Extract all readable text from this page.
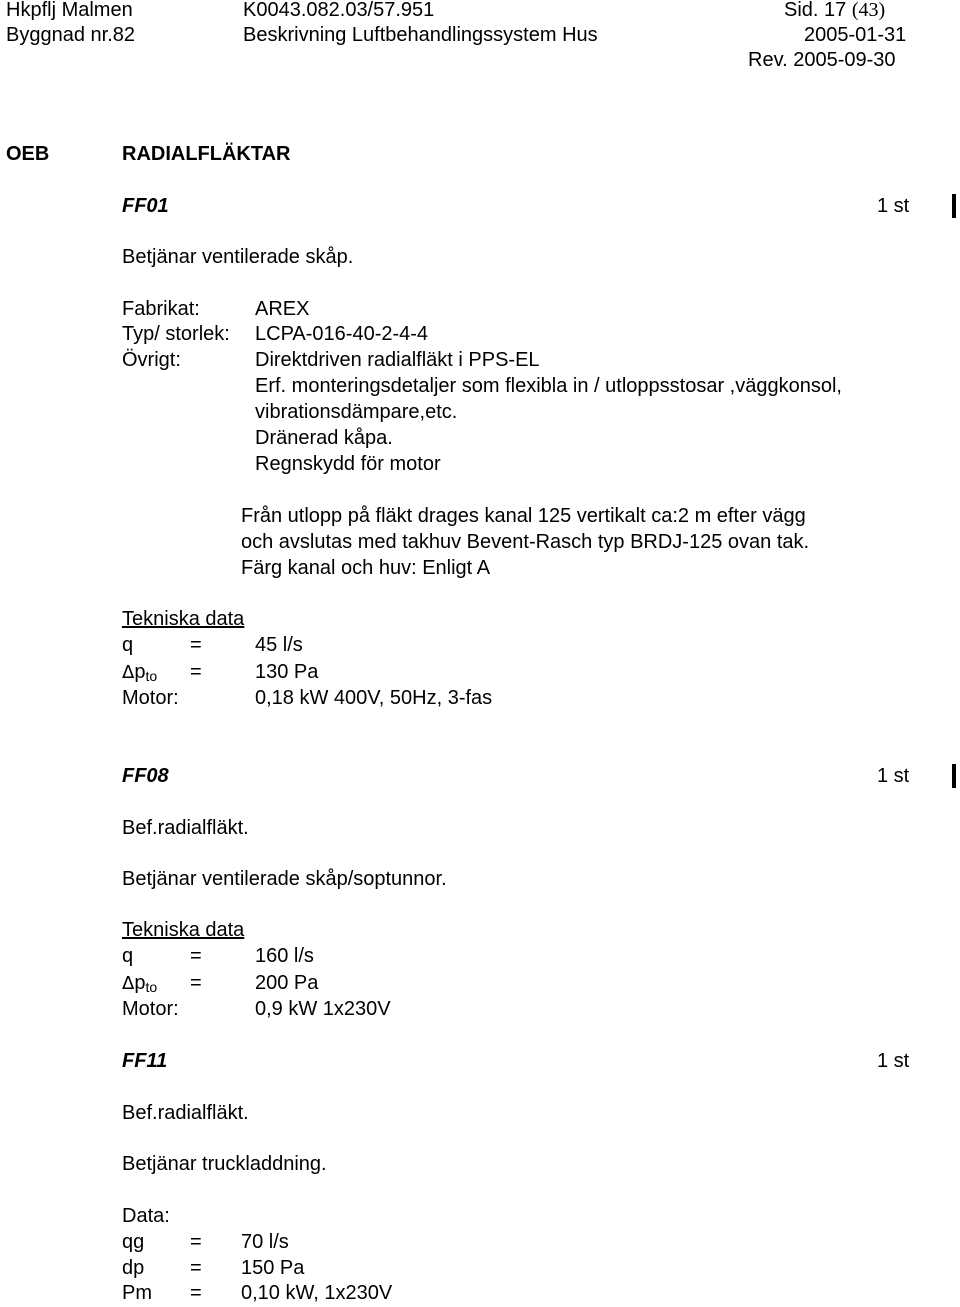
Hkpflj Malmen	K0043.082.03/57.951	Sid. 17 (43)
Byggnad nr.82	Beskrivning Luftbehandlingssystem Hus	2005-01-31
Rev. 2005-09-30
OEB	RADIALFLÄKTAR
FF01	1 st
Betjänar ventilerade skåp.
Fabrikat:	AREX
Typ/ storlek: LCPA-016-40-2-4-4
Övrigt:	Direktdriven radialfläkt i PPS-EL
Erf. monteringsdetaljer som flexibla in / utloppsstosar ,väggkonsol,
vibrationsdämpare,etc.
Dränerad kåpa.
Regnskydd för motor
Från utlopp på fläkt drages kanal 125 vertikalt ca:2 m efter vägg
och avslutas med takhuv Bevent-Rasch typ BRDJ-125 ovan tak.
Färg kanal och huv: Enligt A
Tekniska data
q	=	45 l/s
$\Delta p_{to}$ =	130 Pa
Motor:	0,18 kW 400V, 50Hz, 3-fas
FF08	1 st
Bef.radialfläkt.
Betjänar ventilerade skåp/soptunnor.
Tekniska data
q	=	160 l/s
$\Delta p_{to}$ =	200 Pa
Motor:	0,9 kW 1x230V
FF11	1 st
Bef.radialfläkt.
Betjänar truckladdning.
Data:
qg = 70 l/s
dp = 150 Pa
Pm = 0,10 kW, 1x230V
